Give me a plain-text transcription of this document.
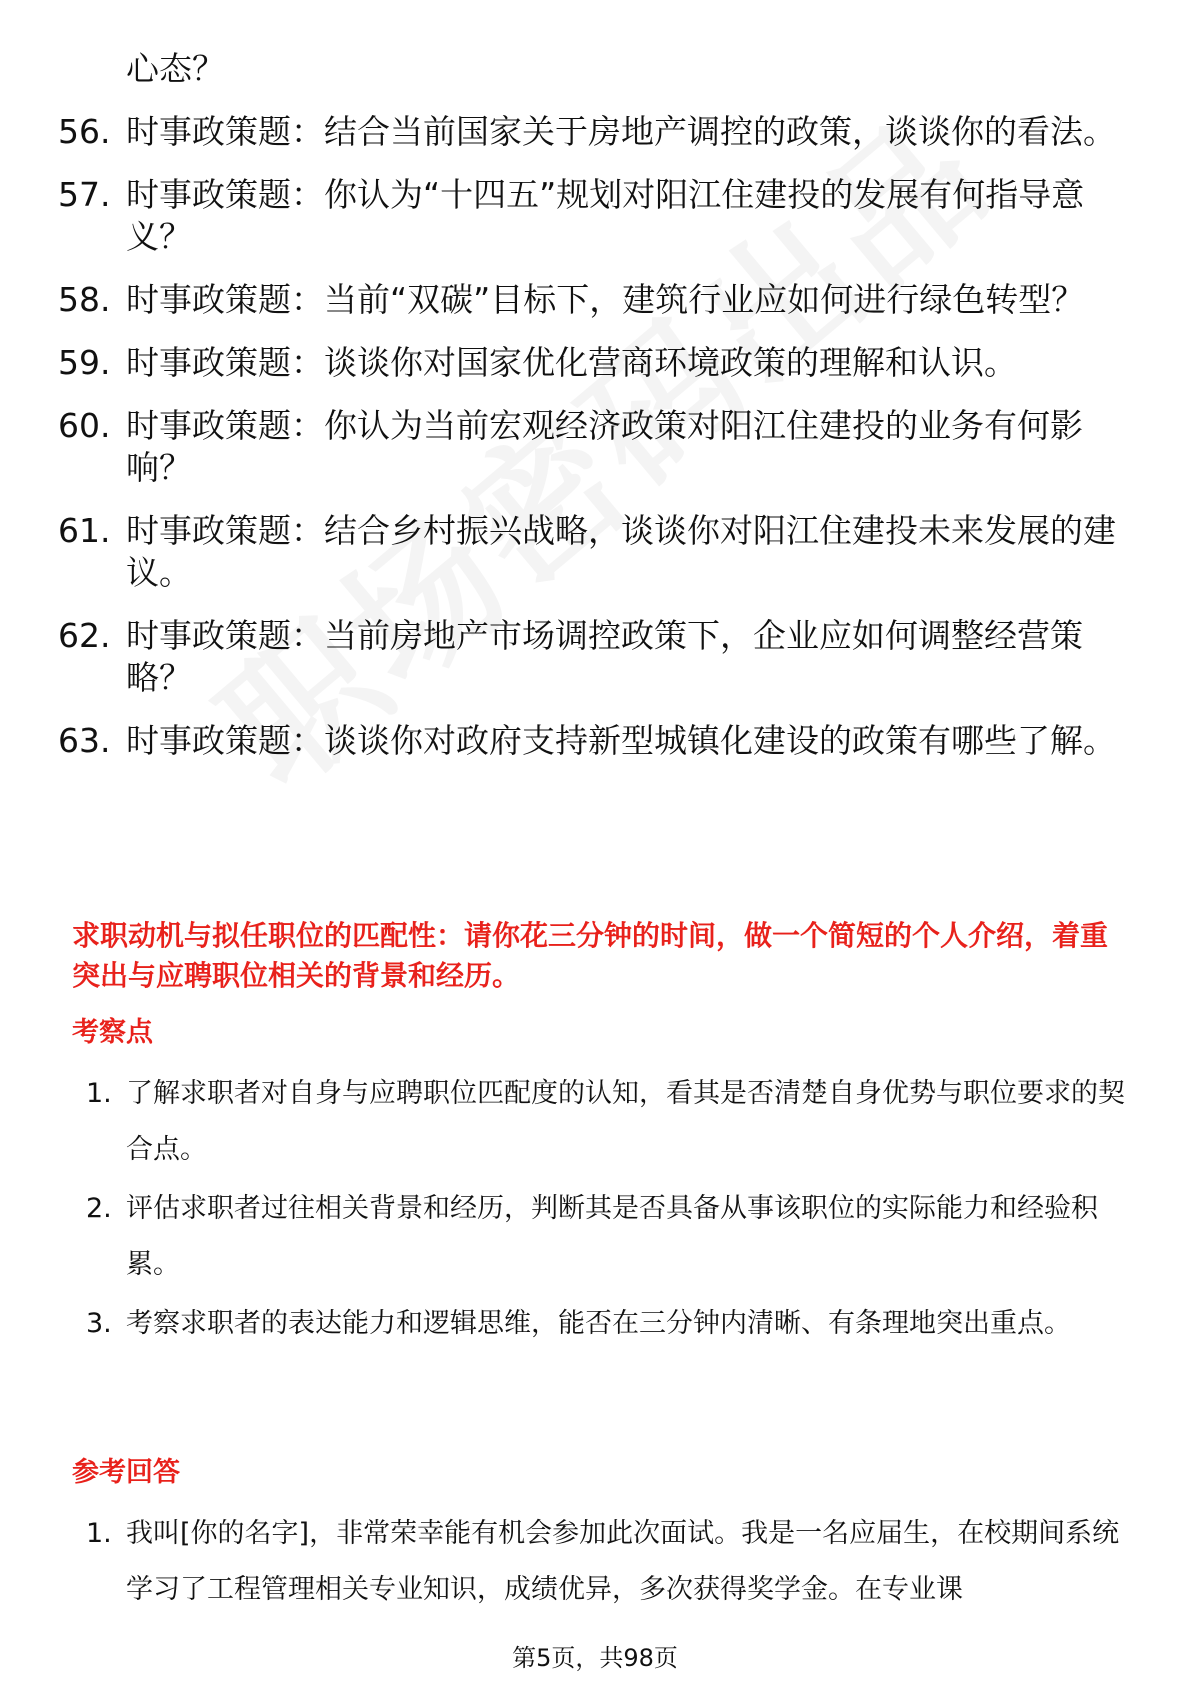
心态？
56. 时事政策题：结合当前国家关于房地产调控的政策，谈谈你的看法。
57. 时事政策题：你认为“十四五”规划对阳江住建投的发展有何指导意义？
58. 时事政策题：当前“双碳”目标下，建筑行业应如何进行绿色转型？
59. 时事政策题：谈谈你对国家优化营商环境政策的理解和认识。
60. 时事政策题：你认为当前宏观经济政策对阳江住建投的业务有何影响？
61. 时事政策题：结合乡村振兴战略，谈谈你对阳江住建投未来发展的建议。
62. 时事政策题：当前房地产市场调控政策下，企业应如何调整经营策略？
63. 时事政策题：谈谈你对政府支持新型城镇化建设的政策有哪些了解。
求职动机与拟任职位的匹配性：请你花三分钟的时间，做一个简短的个人介绍，着重突出与应聘职位相关的背景和经历。
考察点
1. 了解求职者对自身与应聘职位匹配度的认知，看其是否清楚自身优势与职位要求的契合点。
2. 评估求职者过往相关背景和经历，判断其是否具备从事该职位的实际能力和经验积累。
3. 考察求职者的表达能力和逻辑思维，能否在三分钟内清晰、有条理地突出重点。
参考回答
1. 我叫[你的名字]，非常荣幸能有机会参加此次面试。我是一名应届生，在校期间系统学习了工程管理相关专业知识，成绩优异，多次获得奖学金。在专业课
第5页，共98页
